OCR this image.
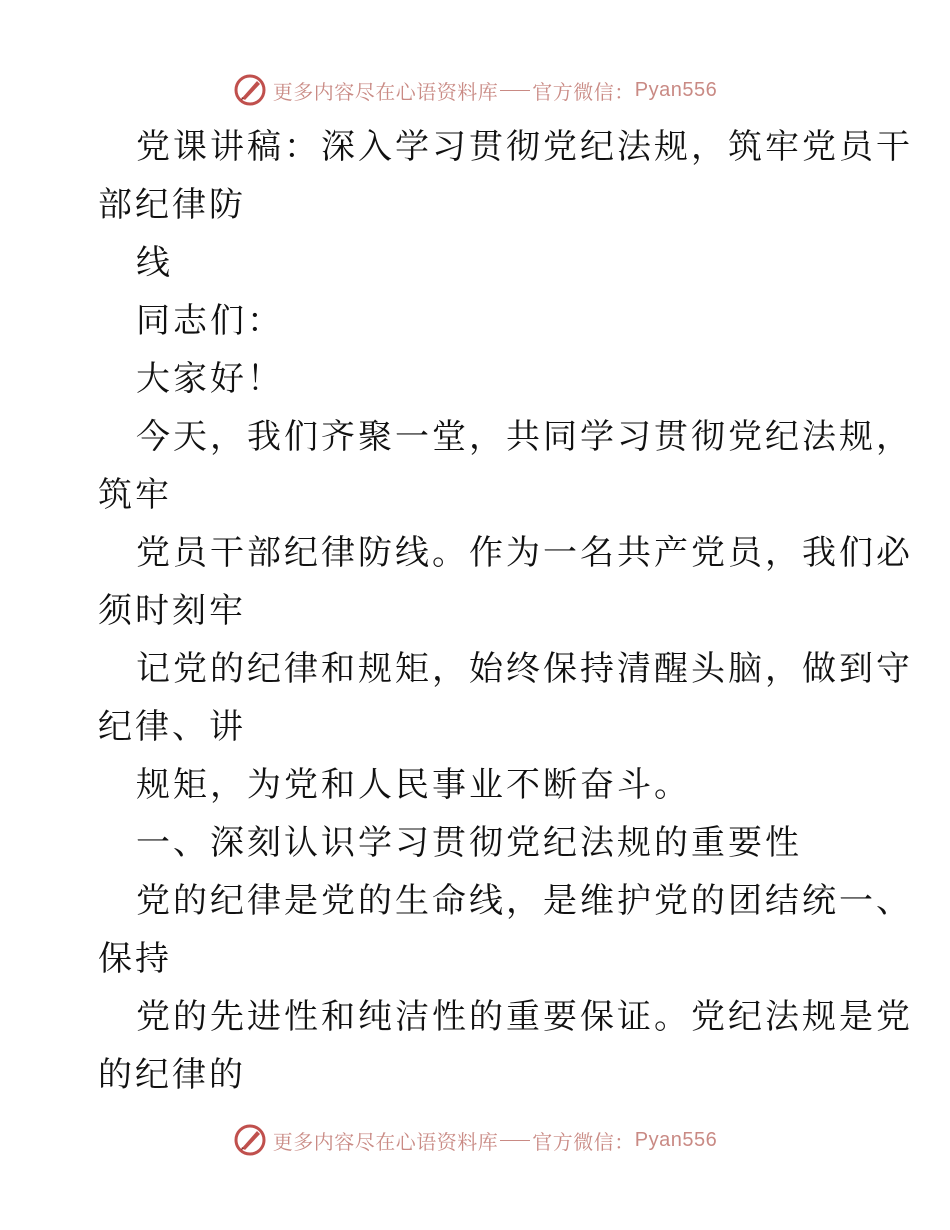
更多内容尽在心语资料库 官方微信： Pyan556
党课讲稿：深入学习贯彻党纪法规，筑牢党员干
部纪律防
线
同志们：
大家好！
今天，我们齐聚一堂，共同学习贯彻党纪法规，
筑牢
党员干部纪律防线。作为一名共产党员，我们必
须时刻牢
记党的纪律和规矩，始终保持清醒头脑，做到守
纪律、讲
规矩，为党和人民事业不断奋斗。
一、深刻认识学习贯彻党纪法规的重要性
党的纪律是党的生命线，是维护党的团结统一、
保持
党的先进性和纯洁性的重要保证。党纪法规是党
的纪律的
更多内容尽在心语资料库 官方微信： Pyan556
